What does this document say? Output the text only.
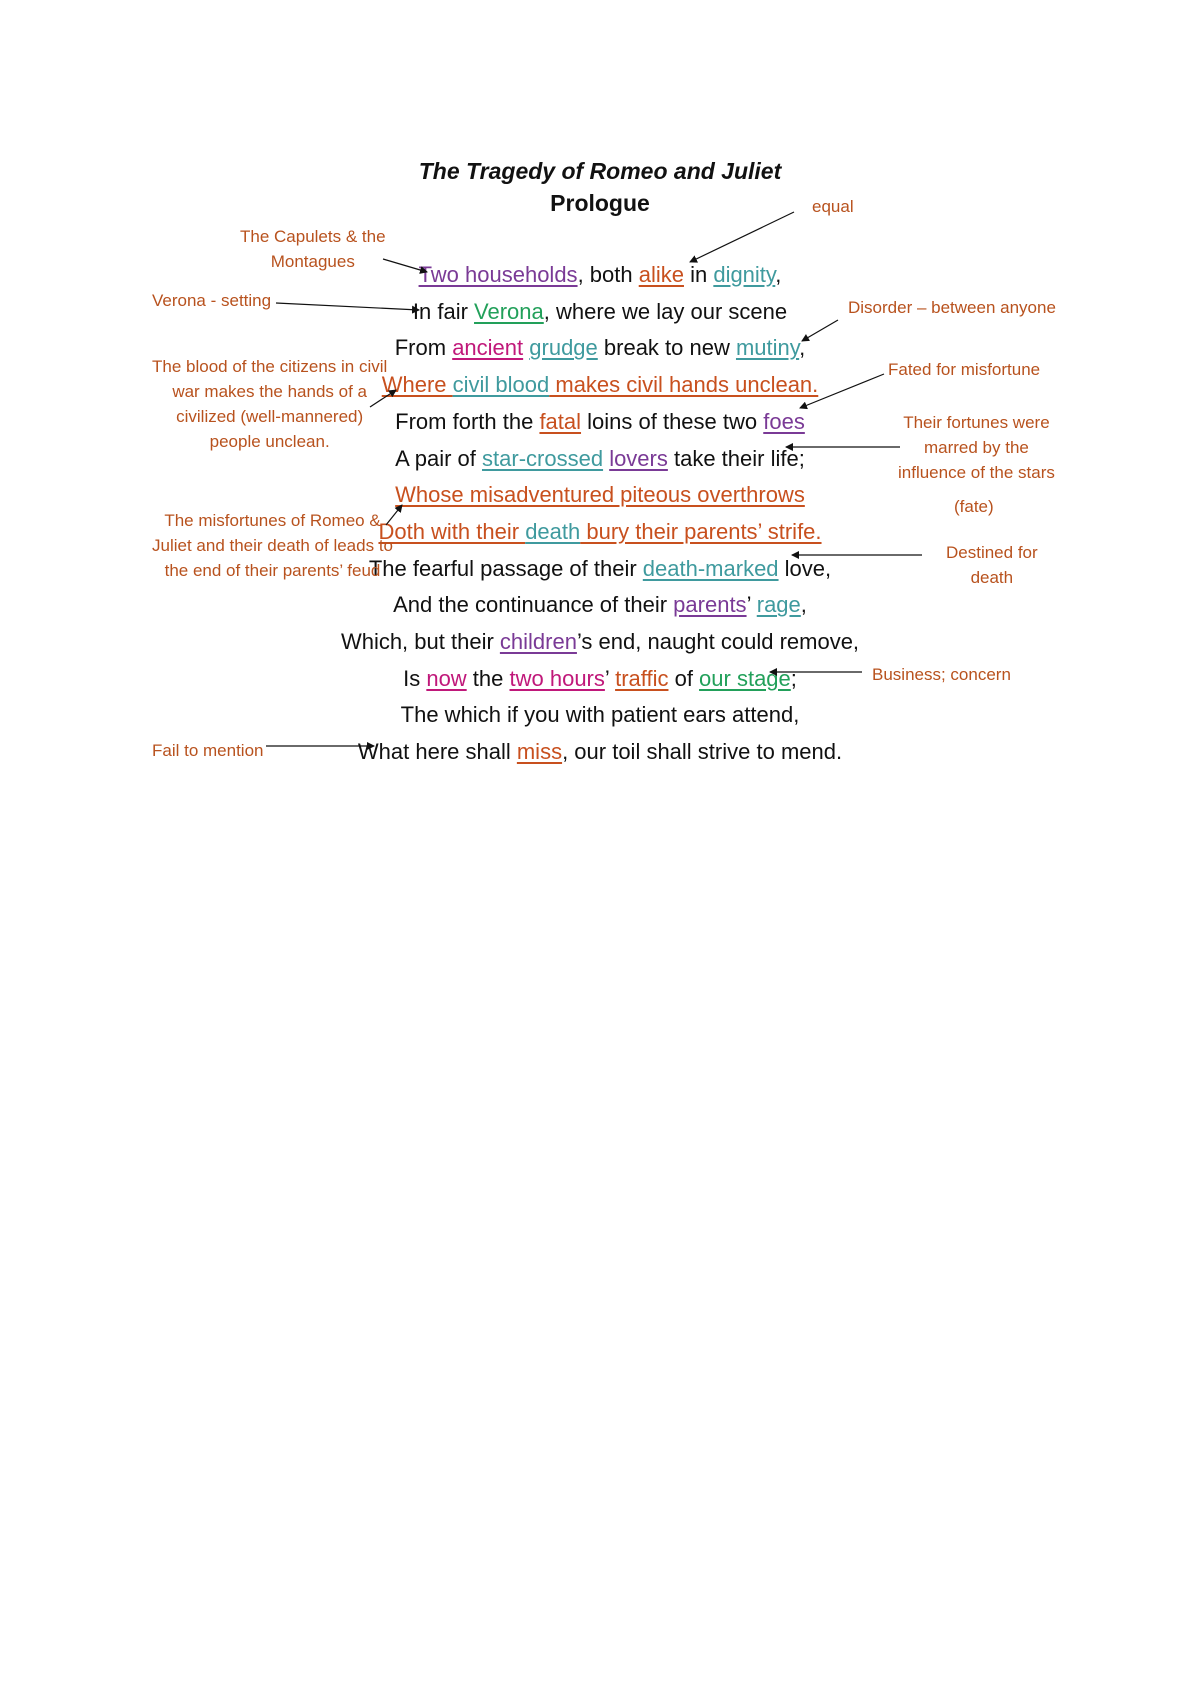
The Tragedy of Romeo and Juliet
Prologue
Two households, both alike in dignity,
In fair Verona, where we lay our scene
From ancient grudge break to new mutiny,
Where civil blood makes civil hands unclean.
From forth the fatal loins of these two foes
A pair of star-crossed lovers take their life;
Whose misadventured piteous overthrows
Doth with their death bury their parents’ strife.
The fearful passage of their death-marked love,
And the continuance of their parents’ rage,
Which, but their children’s end, naught could remove,
Is now the two hours’ traffic of our stage;
The which if you with patient ears attend,
What here shall miss, our toil shall strive to mend.
The Capulets & the
Montagues
Verona - setting
The blood of the citizens in civil
war makes the hands of a
civilized (well-mannered)
people unclean.
The misfortunes of Romeo &
Juliet and their death of leads to
the end of their parents’ feud
Fail to mention
equal
Disorder – between anyone
Fated for misfortune
Their fortunes were
marred by the
influence of the stars
(fate)
Destined for
death
Business; concern
